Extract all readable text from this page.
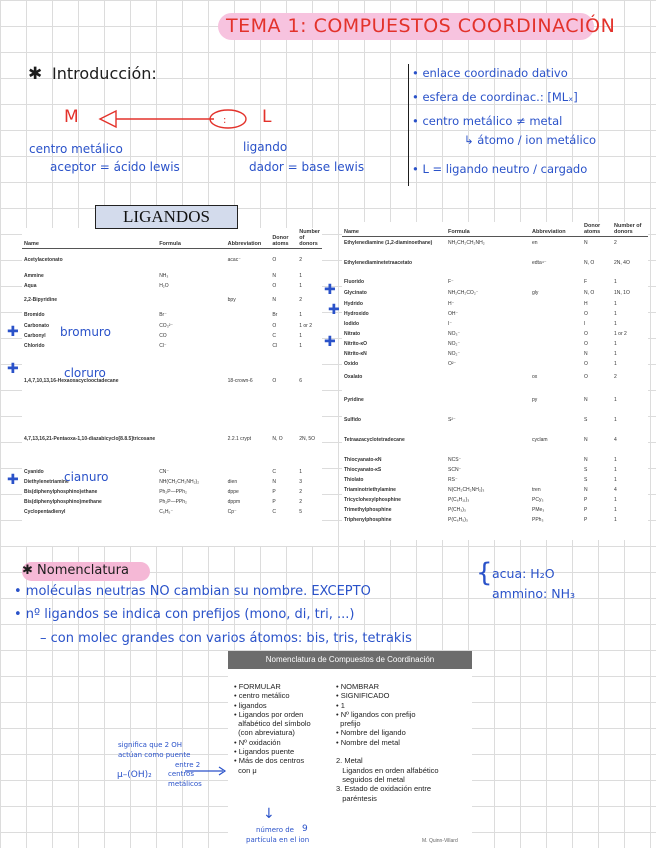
TEMA 1: COMPUESTOS COORDINACIÓN
✱ Introducción:
M	: L
centro metálico
aceptor = ácido lewis
ligando
dador = base lewis
• enlace coordinado dativo
• esfera de coordinac.: [MLₓ]
• centro metálico ≠ metal
↳ átomo / ion metálico
• L = ligando neutro / cargado
Name	Formula	Abbreviation	Donor atoms	Number of donors
Acetylacetonato		acac⁻	O	2
Ammine	NH₃		N	1
Aqua	H₂O		O	1
2,2-Bipyridine		bpy	N	2
Bromido	Br⁻		Br	1
Carbonato	CO₃²⁻		O	1 or 2
Carbonyl	CO		C	1
Chlorido	Cl⁻		Cl	1
1,4,7,10,13,16-Hexaoxacyclooctadecane		18-crown-6	O	6
4,7,13,16,21-Pentaoxa-1,10-diazabicyclo[8.8.5]tricosane		2.2.1 crypt	N, O	2N, 5O
Cyanido	CN⁻		C	1
Diethylenetriamine	NH(CH₂CH₂NH₂)₂	dien	N	3
Bis(diphenylphosphino)ethane	Ph₂P—PPh₂	dppe	P	2
Bis(diphenylphosphino)methane	Ph₂P—PPh₂	dppm	P	2
Cyclopentadienyl	C₅H₅⁻	Cp⁻	C	5
LIGANDOS
Name	Formula	Abbreviation	Donor atoms	Number of donors
Ethylenediamine (1,2-diaminoethane)	NH₂CH₂CH₂NH₂	en	N	2
Ethylenediaminetetraacetato		edta⁴⁻	N, O	2N, 4O
Fluorido	F⁻		F	1
Glycinato	NH₂CH₂CO₂⁻	gly	N, O	1N, 1O
Hydrido	H⁻		H	1
Hydroxido	OH⁻		O	1
Iodido	I⁻		I	1
Nitrato	NO₃⁻		O	1 or 2
Nitrito-κO	NO₂⁻		O	1
Nitrito-κN	NO₂⁻		N	1
Oxido	O²⁻		O	1
Oxalato		ox	O	2
Pyridine		py	N	1
Sulfido	S²⁻		S	1
Tetraazacyclotetradecane		cyclam	N	4
Thiocyanato-κN	NCS⁻		N	1
Thiocyanato-κS	SCN⁻		S	1
Thiolato	RS⁻		S	1
Triaminotriethylamine	N(CH₂CH₂NH₂)₃	tren	N	4
Tricyclohexylphosphine	P(C₆H₁₁)₃	PCy₃	P	1
Trimethylphosphine	P(CH₃)₃	PMe₃	P	1
Triphenylphosphine	P(C₆H₅)₃	PPh₃	P	1
✚	bromuro
✚	cloruro
✚	cianuro
✚
✚
✚
✱ Nomenclatura
• moléculas neutras NO cambian su nombre. EXCEPTO
{ acua: H₂O
ammino: NH₃
• nº ligandos se indica con prefijos (mono, di, tri, ...)
– con molec grandes con varios átomos: bis, tris, tetrakis
Nomenclatura de Compuestos de Coordinación
• FORMULAR
• centro metálico
• ligandos
• Ligandos por orden
alfabético del símbolo
(con abreviatura)
• Nº oxidación
• Ligandos puente
• Más de dos centros
con μ
• NOMBRAR
• SIGNIFICADO
• 1
• Nº ligandos con prefijo
prefijo
• Nombre del ligando
• Nombre del metal
2. Metal
Ligandos en orden alfabético
seguidos del metal
3. Estado de oxidación entre
paréntesis
M. Quinn-Villard
significa que 2 OH
actúan como puente
entre 2
μ–(OH)₂ centros
metálicos
↓
número de 9
partícula en el ion
